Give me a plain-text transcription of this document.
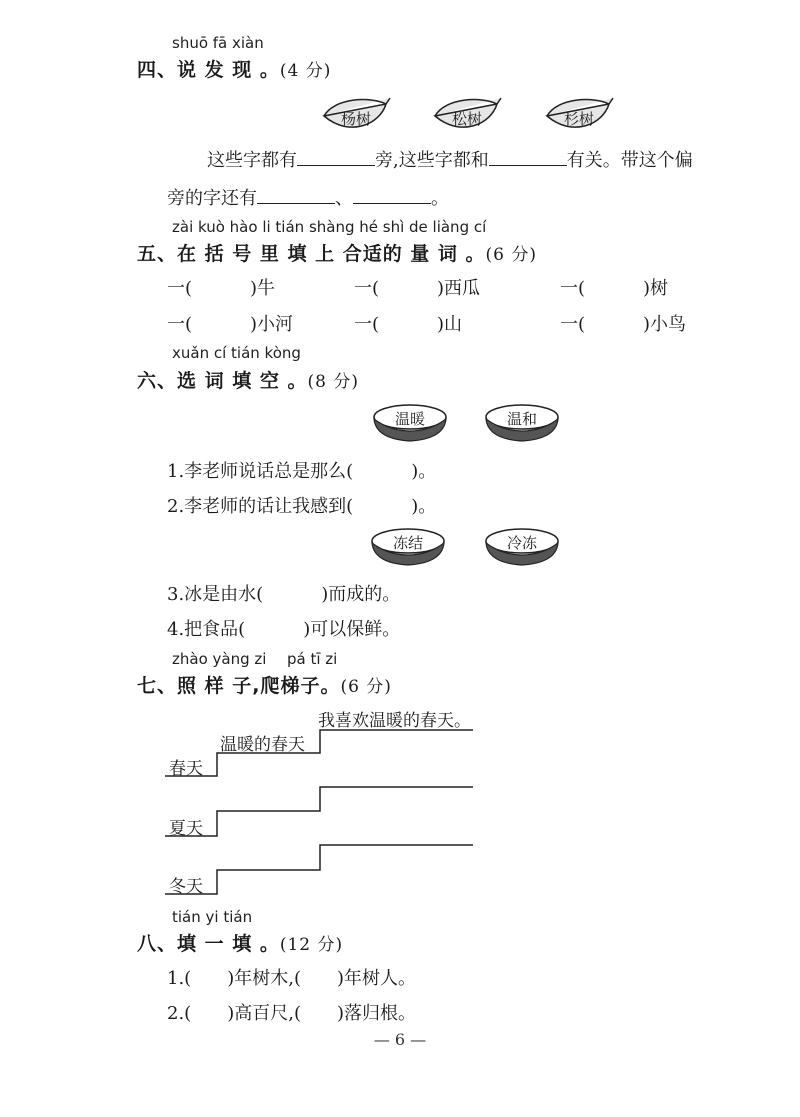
shuō fā xiàn
四、说 发 现 。(4 分)
杨树	松树	杉树
这些字都有	旁,这些字都和	有关。带这个偏
旁的字还有	、	。
zài kuò hào li tián shàng hé shì de liàng cí
五、在 括 号 里 填 上 合适的 量 词 。(6 分)
一(	)牛	一(	)西瓜	一(	)树
一(	)小河	一(	)山	一(	)小鸟
xuǎn cí tián kòng
六、选 词 填 空 。(8 分)
温暖	温和
1.李老师说话总是那么(	)。
2.李老师的话让我感到(	)。
冻结	冷冻
3.冰是由水(	)而成的。
4.把食品(	)可以保鲜。
zhào yàng zi pá tī zi
七、照 样 子,爬梯子。(6 分)
我喜欢温暖的春天。
温暖的春天
春天
夏天
冬天
tián yi tián
八、填 一 填 。(12 分)
1.( )年树木,( )年树人。
2.( )高百尺,( )落归根。
— 6 —
